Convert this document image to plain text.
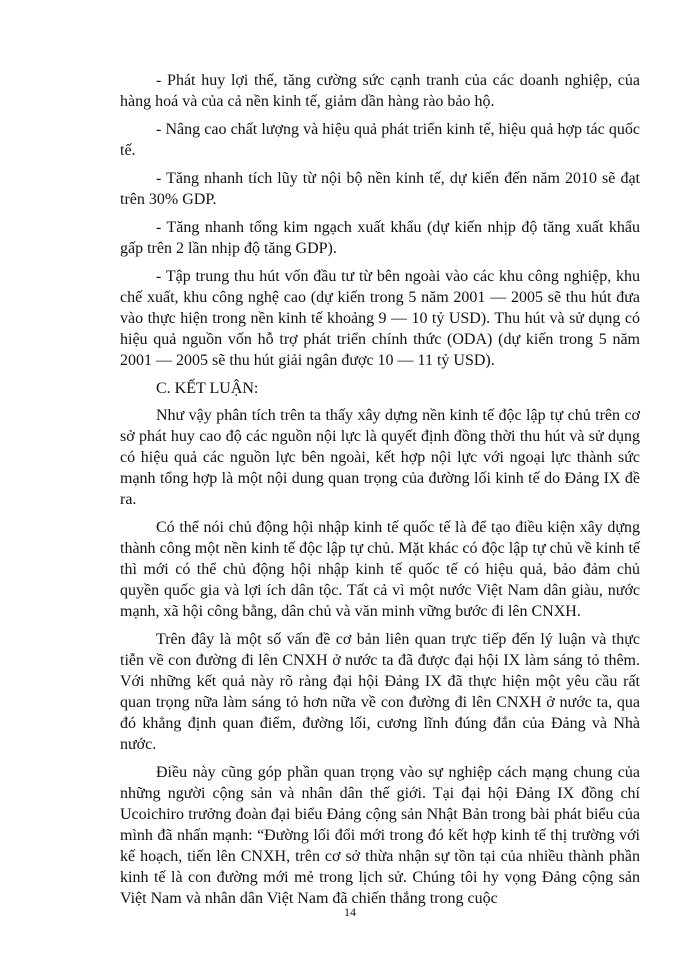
- Phát huy lợi thế, tăng cường sức cạnh tranh của các doanh nghiệp, của hàng hoá và của cả nền kinh tế, giảm dần hàng rào bảo hộ.

- Nâng cao chất lượng và hiệu quả phát triển kinh tế, hiệu quả hợp tác quốc tế.

- Tăng nhanh tích lũy từ nội bộ nền kinh tế, dự kiến đến năm 2010 sẽ đạt trên 30% GDP.

- Tăng nhanh tổng kim ngạch xuất khẩu (dự kiến nhịp độ tăng xuất khẩu gấp trên 2 lần nhịp độ tăng GDP).

- Tập trung thu hút vốn đầu tư từ bên ngoài vào các khu công nghiệp, khu chế xuất, khu công nghệ cao (dự kiến trong 5 năm 2001 — 2005 sẽ thu hút đưa vào thực hiện trong nền kinh tế khoảng 9 — 10 tỷ USD). Thu hút và sử dụng có hiệu quả nguồn vốn hỗ trợ phát triển chính thức (ODA) (dự kiến trong 5 năm 2001 — 2005 sẽ thu hút giải ngân được 10 — 11 tỷ USD).

C. KẾT LUẬN:

Như vậy phân tích trên ta thấy xây dựng nền kinh tế độc lập tự chủ trên cơ sở phát huy cao độ các nguồn nội lực là quyết định đồng thời thu hút và sử dụng có hiệu quả các nguồn lực bên ngoài, kết hợp nội lực với ngoại lực thành sức mạnh tổng hợp là một nội dung quan trọng của đường lối kinh tế do Đảng IX đề ra.

Có thể nói chủ động hội nhập kinh tế quốc tế là để tạo điều kiện xây dựng thành công một nền kinh tế độc lập tự chủ. Mặt khác có độc lập tự chủ về kinh tế thì mới có thể chủ động hội nhập kinh tế quốc tế có hiệu quả, bảo đảm chủ quyền quốc gia và lợi ích dân tộc. Tất cả vì một nước Việt Nam dân giàu, nước mạnh, xã hội công bằng, dân chủ và văn minh vững bước đi lên CNXH.

Trên đây là một số vấn đề cơ bản liên quan trực tiếp đến lý luận và thực tiễn về con đường đi lên CNXH ở nước ta đã được đại hội IX làm sáng tỏ thêm. Với những kết quả này rõ ràng đại hội Đảng IX đã thực hiện một yêu cầu rất quan trọng nữa làm sáng tỏ hơn nữa về con đường đi lên CNXH ở nước ta, qua đó khẳng định quan điểm, đường lối, cương lĩnh đúng đắn của Đảng và Nhà nước.

Điều này cũng góp phần quan trọng vào sự nghiệp cách mạng chung của những người cộng sản và nhân dân thế giới. Tại đại hội Đảng IX đồng chí Ucoichiro trưởng đoàn đại biểu Đảng cộng sản Nhật Bản trong bài phát biểu của mình đã nhấn mạnh: “Đường lối đổi mới trong đó kết hợp kinh tế thị trường với kế hoạch, tiến lên CNXH, trên cơ sở thừa nhận sự tồn tại của nhiều thành phần kinh tế là con đường mới mẻ trong lịch sử. Chúng tôi hy vọng Đảng cộng sản Việt Nam và nhân dân Việt Nam đã chiến thắng trong cuộc

14
